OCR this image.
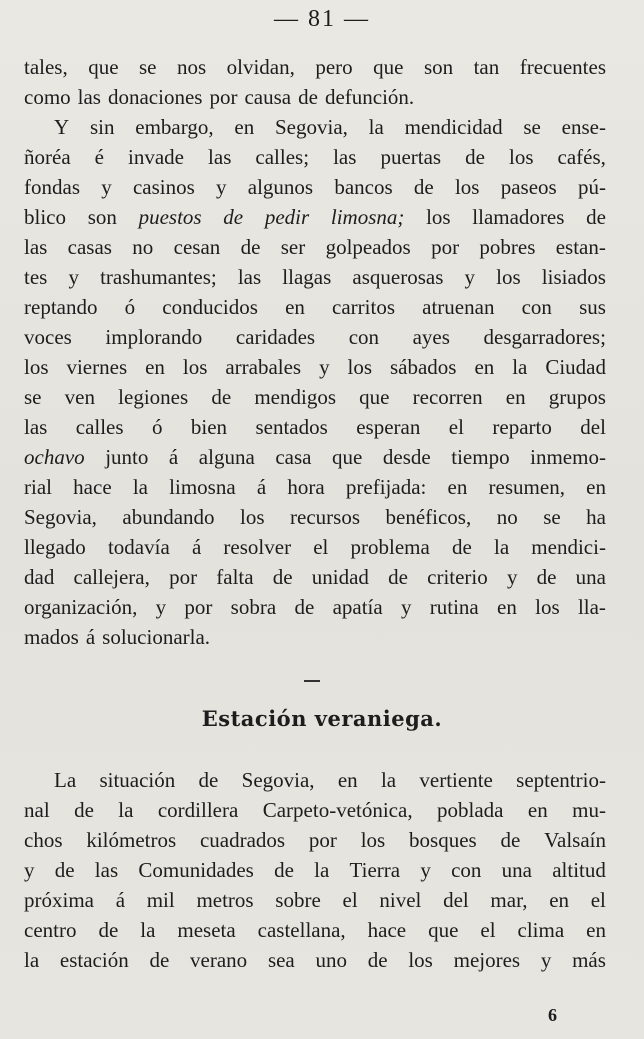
— 81 —
tales, que se nos olvidan, pero que son tan frecuentes
como las donaciones por causa de defunción.
Y sin embargo, en Segovia, la mendicidad se ense-
ñoréa é invade las calles; las puertas de los cafés,
fondas y casinos y algunos bancos de los paseos pú-
blico son puestos de pedir limosna; los llamadores de
las casas no cesan de ser golpeados por pobres estan-
tes y trashumantes; las llagas asquerosas y los lisiados
reptando ó conducidos en carritos atruenan con sus
voces implorando caridades con ayes desgarradores;
los viernes en los arrabales y los sábados en la Ciudad
se ven legiones de mendigos que recorren en grupos
las calles ó bien sentados esperan el reparto del
ochavo junto á alguna casa que desde tiempo inmemo-
rial hace la limosna á hora prefijada: en resumen, en
Segovia, abundando los recursos benéficos, no se ha
llegado todavía á resolver el problema de la mendici-
dad callejera, por falta de unidad de criterio y de una
organización, y por sobra de apatía y rutina en los lla-
mados á solucionarla.
Estación veraniega.
La situación de Segovia, en la vertiente septentrio-
nal de la cordillera Carpeto-vetónica, poblada en mu-
chos kilómetros cuadrados por los bosques de Valsaín
y de las Comunidades de la Tierra y con una altitud
próxima á mil metros sobre el nivel del mar, en el
centro de la meseta castellana, hace que el clima en
la estación de verano sea uno de los mejores y más
6
